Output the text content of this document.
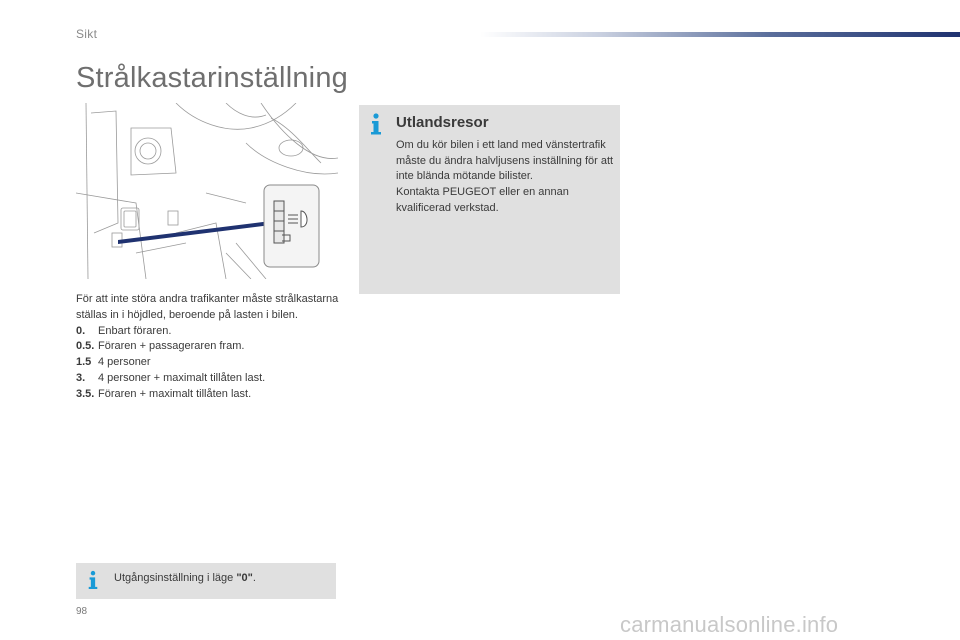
Sikt
Strålkastarinställning

För att inte störa andra trafikanter måste strålkastarna ställas in i höjdled, beroende på lasten i bilen.

0.	Enbart föraren.
0.5. Föraren + passageraren fram.
1.5 4 personer
3.	4 personer + maximalt tillåten last.
3.5. Föraren + maximalt tillåten last.
Utlandsresor
Om du kör bilen i ett land med vänstertrafik måste du ändra halvljusens inställning för att inte blända mötande bilister.
Kontakta PEUGEOT eller en annan kvalificerad verkstad.
Utgångsinställning i läge "0".
98
carmanualsonline.info
